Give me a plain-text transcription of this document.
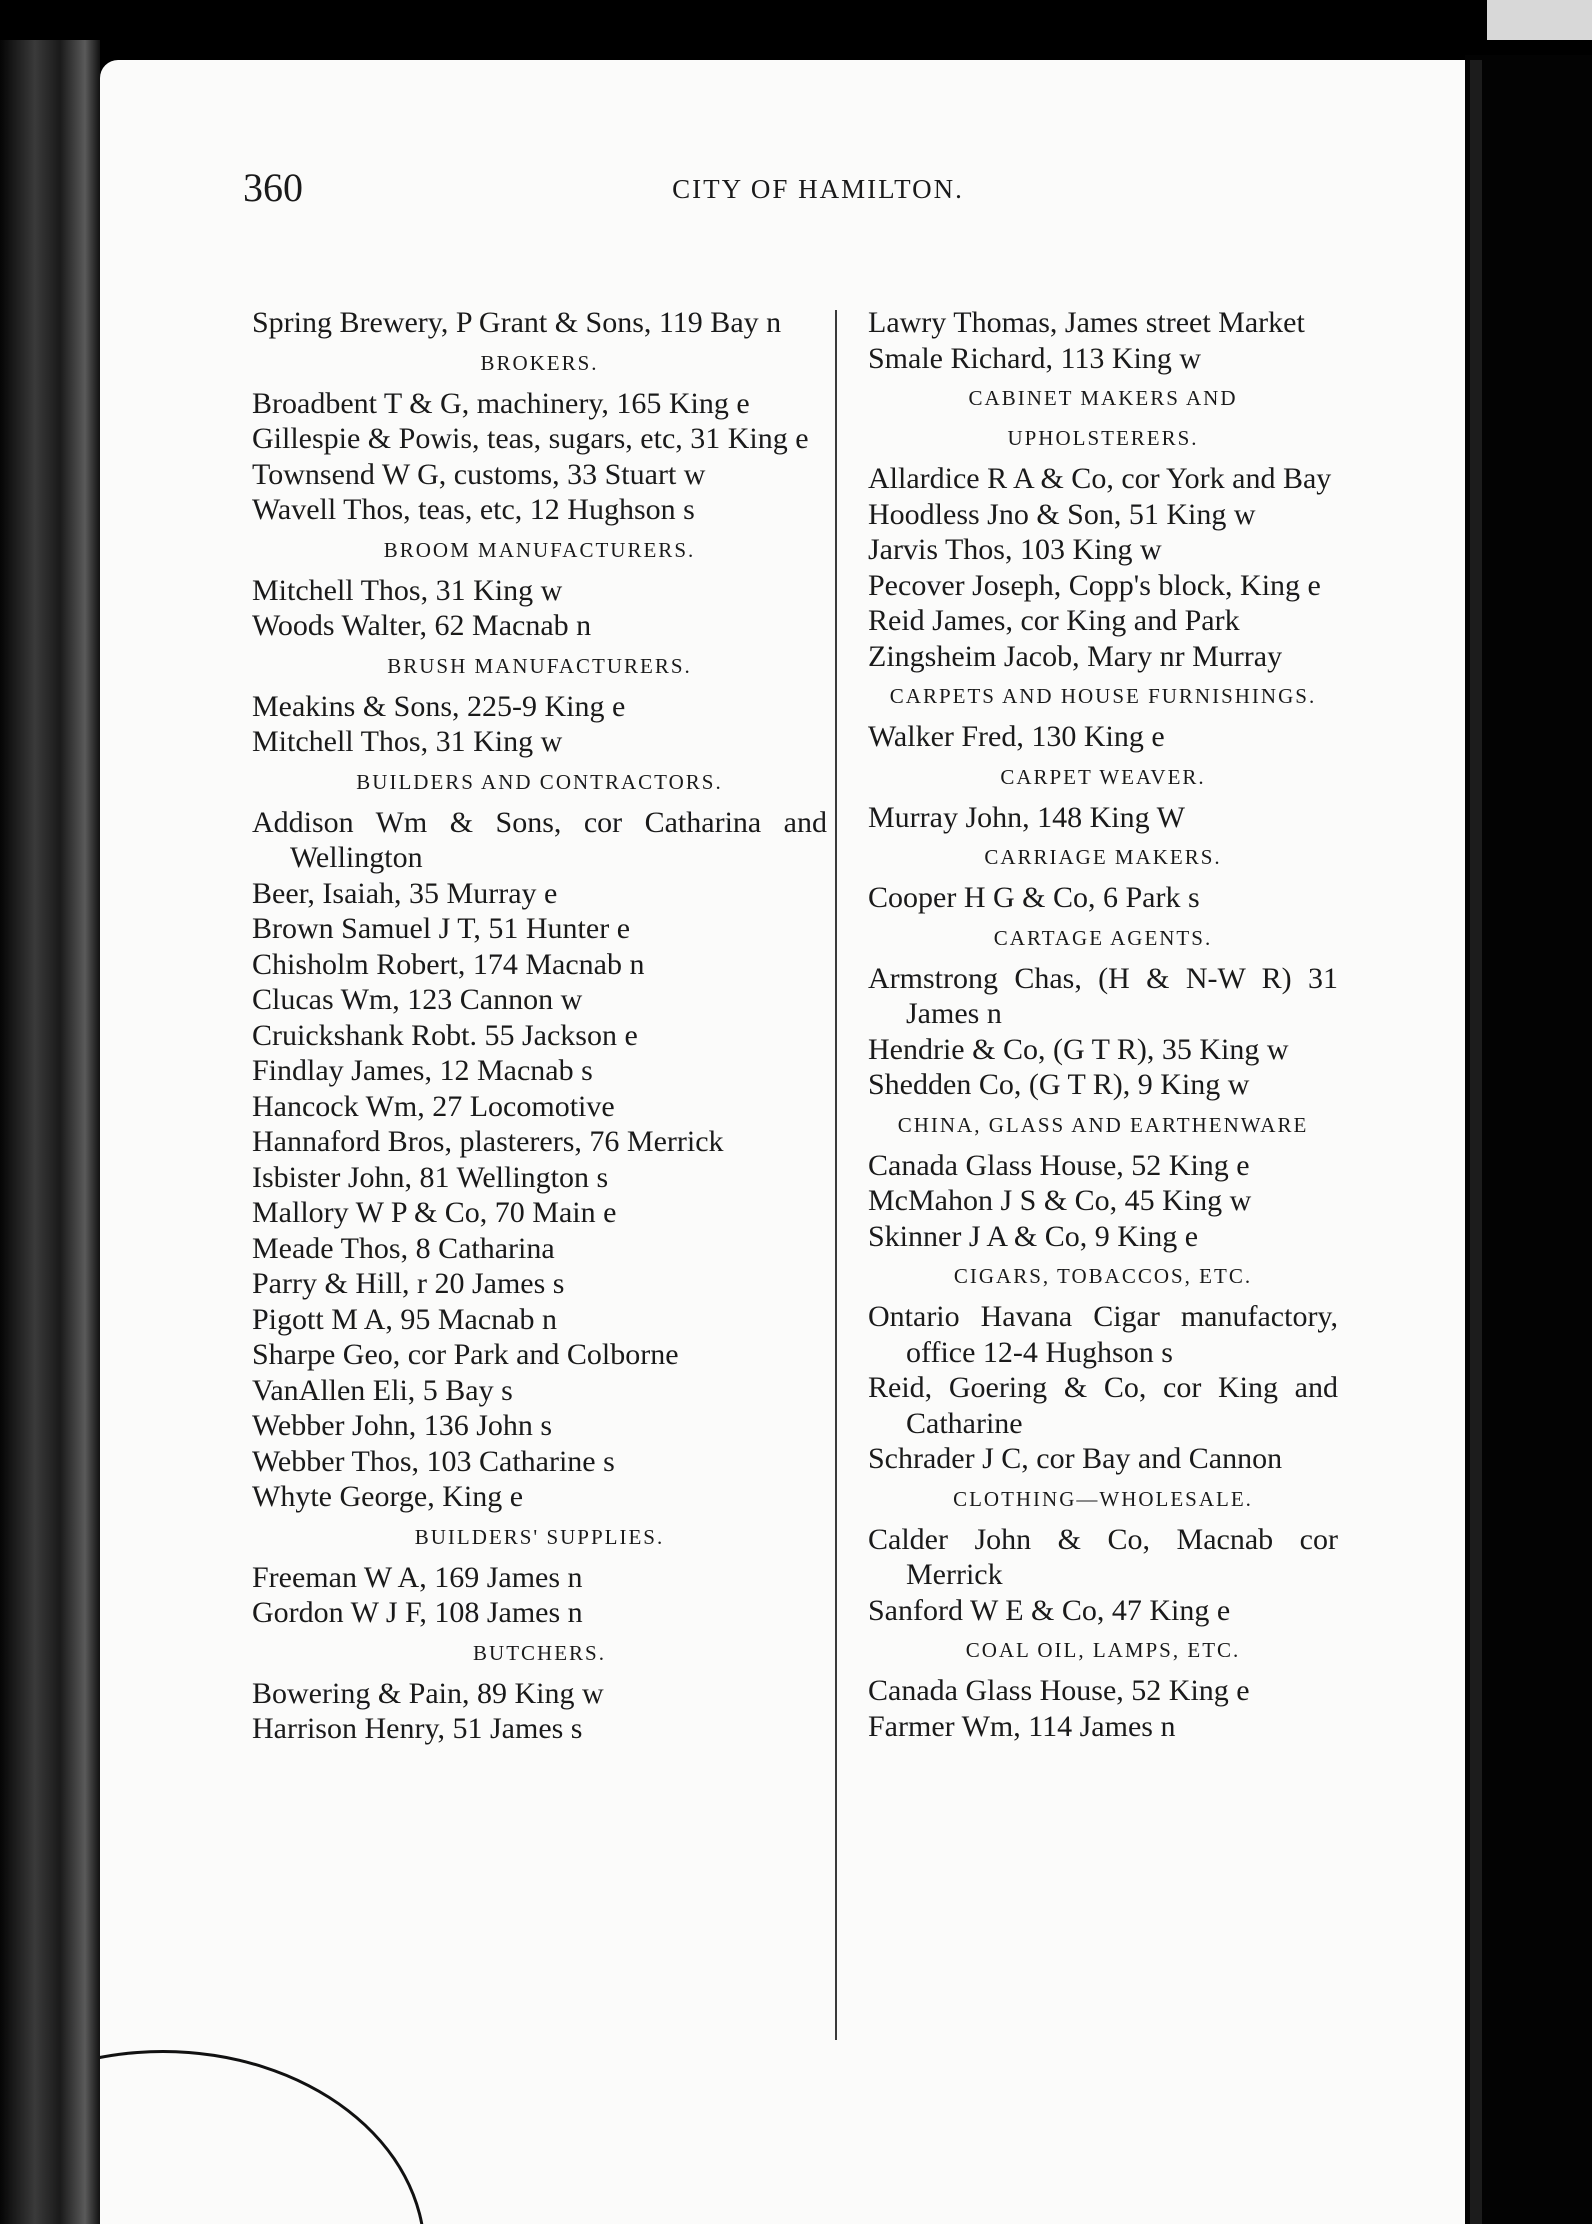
360	CITY OF HAMILTON.
Spring Brewery, P Grant & Sons, 119 Bay n
BROKERS.
Broadbent T & G, machinery, 165 King e
Gillespie & Powis, teas, sugars, etc, 31 King e
Townsend W G, customs, 33 Stuart w
Wavell Thos, teas, etc, 12 Hughson s
BROOM MANUFACTURERS.
Mitchell Thos, 31 King w
Woods Walter, 62 Macnab n
BRUSH MANUFACTURERS.
Meakins & Sons, 225-9 King e
Mitchell Thos, 31 King w
BUILDERS AND CONTRACTORS.
Addison Wm & Sons, cor Catharina and Wellington
Beer, Isaiah, 35 Murray e
Brown Samuel J T, 51 Hunter e
Chisholm Robert, 174 Macnab n
Clucas Wm, 123 Cannon w
Cruickshank Robt. 55 Jackson e
Findlay James, 12 Macnab s
Hancock Wm, 27 Locomotive
Hannaford Bros, plasterers, 76 Merrick
Isbister John, 81 Wellington s
Mallory W P & Co, 70 Main e
Meade Thos, 8 Catharina
Parry & Hill, r 20 James s
Pigott M A, 95 Macnab n
Sharpe Geo, cor Park and Colborne
VanAllen Eli, 5 Bay s
Webber John, 136 John s
Webber Thos, 103 Catharine s
Whyte George, King e
BUILDERS' SUPPLIES.
Freeman W A, 169 James n
Gordon W J F, 108 James n
BUTCHERS.
Bowering & Pain, 89 King w
Harrison Henry, 51 James s
Lawry Thomas, James street Market
Smale Richard, 113 King w
CABINET MAKERS AND UPHOLSTERERS.
Allardice R A & Co, cor York and Bay
Hoodless Jno & Son, 51 King w
Jarvis Thos, 103 King w
Pecover Joseph, Copp's block, King e
Reid James, cor King and Park
Zingsheim Jacob, Mary nr Murray
CARPETS AND HOUSE FURNISHINGS.
Walker Fred, 130 King e
CARPET WEAVER.
Murray John, 148 King W
CARRIAGE MAKERS.
Cooper H G & Co, 6 Park s
CARTAGE AGENTS.
Armstrong Chas, (H & N-W R) 31 James n
Hendrie & Co, (G T R), 35 King w
Shedden Co, (G T R), 9 King w
CHINA, GLASS AND EARTHENWARE
Canada Glass House, 52 King e
McMahon J S & Co, 45 King w
Skinner J A & Co, 9 King e
CIGARS, TOBACCOS, ETC.
Ontario Havana Cigar manufactory, office 12-4 Hughson s
Reid, Goering & Co, cor King and Catharine
Schrader J C, cor Bay and Cannon
CLOTHING—WHOLESALE.
Calder John & Co, Macnab cor Merrick
Sanford W E & Co, 47 King e
COAL OIL, LAMPS, ETC.
Canada Glass House, 52 King e
Farmer Wm, 114 James n
